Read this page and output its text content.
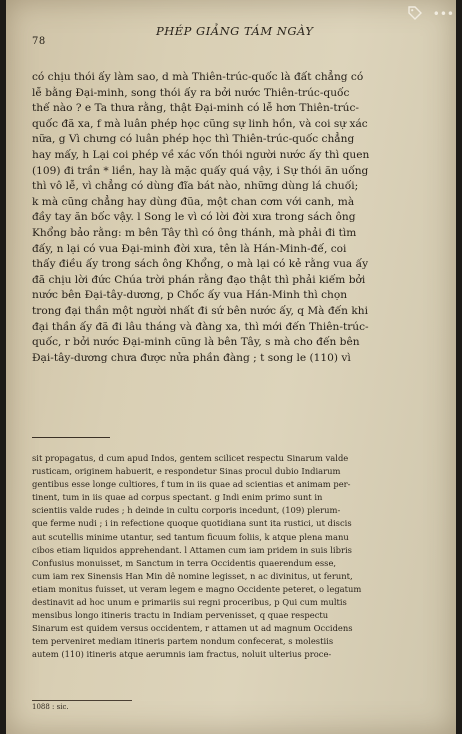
78
PHÉP GIẢNG TÁM NGÀY
có chịu thói ấy làm sao, d mà Thiên-trúc-quốc là đất chẳng có
lễ bằng Đại-minh, song thói ấy ra bởi nước Thiên-trúc-quốc
thế nào ? e Ta thưa rằng, thật Đại-minh có lễ hơn Thiên-trúc-
quốc đã xa, f mà luân phép học cũng sự linh hồn, và coi sự xác
nữa, g Vì chưng có luân phép học thì Thiên-trúc-quốc chẳng
hay mấy, h Lại coi phép về xác vốn thói người nước ấy thì quen
(109) đi trần * liền, hay là mặc quấy quá vậy, i Sự thói ăn uống
thì vô lễ, vì chẳng có dùng đĩa bát nào, những dùng lá chuối;
k mà cũng chẳng hay dùng đũa, một chan cơm với canh, mà
đầy tay ăn bốc vậy. l Song le vì có lời đời xưa trong sách ông
Khổng bảo rằng: m bên Tây thì có ông thánh, mà phải đi tìm
đấy, n lại có vua Đại-minh đời xưa, tên là Hán-Minh-đế, coi
thấy điều ấy trong sách ông Khổng, o mà lại có kẻ rằng vua ấy
đã chịu lời đức Chúa trời phán rằng đạo thật thì phải kiếm bởi
nước bên Đại-tây-dương, p Chốc ấy vua Hán-Minh thì chọn
trong đại thần một người nhất đi sứ bên nước ấy, q Mà đến khi
đại thần ấy đã đi lâu tháng và đàng xa, thì mới đến Thiên-trúc-
quốc, r bởi nước Đại-minh cũng là bên Tây, s mà cho đến bên
Đại-tây-dương chưa được nửa phần đàng ; t song le (110) vì
sit propagatus, d cum apud Indos, gentem scilicet respectu Sinarum valde
rusticam, originem habuerit, e respondetur Sinas procul dubio Indiarum
gentibus esse longe cultiores, f tum in iis quae ad scientias et animam per-
tinent, tum in iis quae ad corpus spectant. g Indi enim primo sunt in
scientiis valde rudes ; h deinde in cultu corporis incedunt, (109) plerum-
que ferme nudi ; i in refectione quoque quotidiana sunt ita rustici, ut discis
aut scutellis minime utantur, sed tantum ficuum foliis, k atque plena manu
cibos etiam liquidos apprehendant. l Attamen cum iam pridem in suis libris
Confusius monuisset, m Sanctum in terra Occidentis quaerendum esse,
cum iam rex Sinensis Han Min dê nomine legisset, n ac divinitus, ut ferunt,
etiam monitus fuisset, ut veram legem e magno Occidente peteret, o legatum
destinavit ad hoc unum e primariis sui regni proceribus, p Qui cum multis
mensibus longo itineris tractu in Indiam pervenisset, q quae respectu
Sinarum est quidem versus occidentem, r attamen ut ad magnum Occidens
tem perveniret mediam itineris partem nondum confecerat, s molestiis
autem (110) itineris atque aerumnis iam fractus, noluit ulterius proce-
1088 : sic.
•••
